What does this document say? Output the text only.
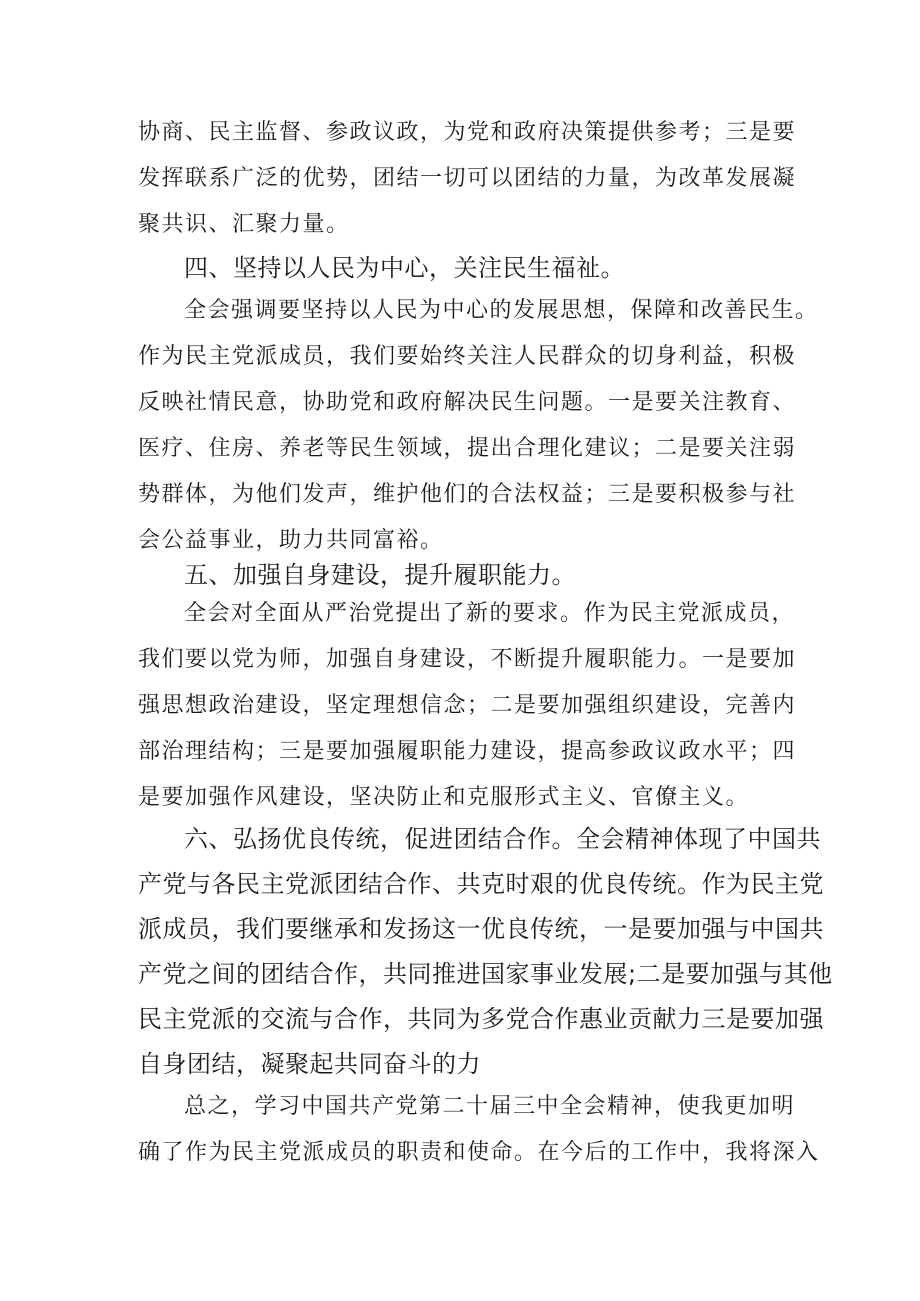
协商、民主监督、参政议政，为党和政府决策提供参考；三是要
发挥联系广泛的优势，团结一切可以团结的力量，为改革发展凝
聚共识、汇聚力量。
四、坚持以人民为中心，关注民生福祉。
全会强调要坚持以人民为中心的发展思想，保障和改善民生。
作为民主党派成员，我们要始终关注人民群众的切身利益，积极
反映社情民意，协助党和政府解决民生问题。一是要关注教育、
医疗、住房、养老等民生领域，提出合理化建议；二是要关注弱
势群体，为他们发声，维护他们的合法权益；三是要积极参与社
会公益事业，助力共同富裕。
五、加强自身建设，提升履职能力。
全会对全面从严治党提出了新的要求。作为民主党派成员，
我们要以党为师，加强自身建设，不断提升履职能力。一是要加
强思想政治建设，坚定理想信念；二是要加强组织建设，完善内
部治理结构；三是要加强履职能力建设，提高参政议政水平；四
是要加强作风建设，坚决防止和克服形式主义、官僚主义。
六、弘扬优良传统，促进团结合作。全会精神体现了中国共
产党与各民主党派团结合作、共克时艰的优良传统。作为民主党
派成员，我们要继承和发扬这一优良传统，一是要加强与中国共
产党之间的团结合作，共同推进国家事业发展;二是要加强与其他
民主党派的交流与合作，共同为多党合作惠业贡献力三是要加强
自身团结，凝聚起共同奋斗的力
总之，学习中国共产党第二十届三中全会精神，使我更加明
确了作为民主党派成员的职责和使命。在今后的工作中，我将深入
